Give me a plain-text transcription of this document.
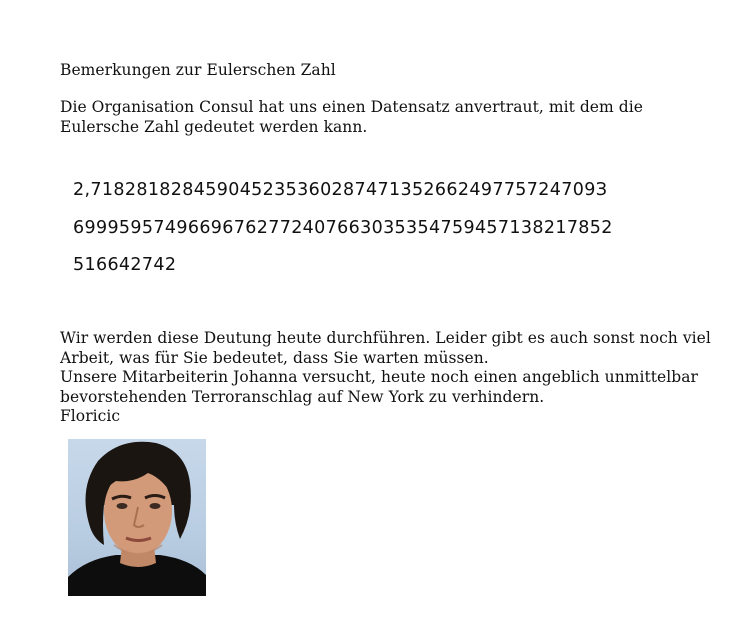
Bemerkungen zur Eulerschen Zahl
Die Organisation Consul hat uns einen Datensatz anvertraut, mit dem die Eulersche Zahl gedeutet werden kann.
2,71828182845904523536028747135266249775724709З
69995957496696762772407663035354759457138217852
516642742

Wir werden diese Deutung heute durchführen. Leider gibt es auch sonst noch viel Arbeit, was für Sie bedeutet, dass Sie warten müssen.

Unsere Mitarbeiterin Johanna versucht, heute noch einen angeblich unmittelbar bevorstehenden Terroranschlag auf New York zu verhindern.

Floricic
